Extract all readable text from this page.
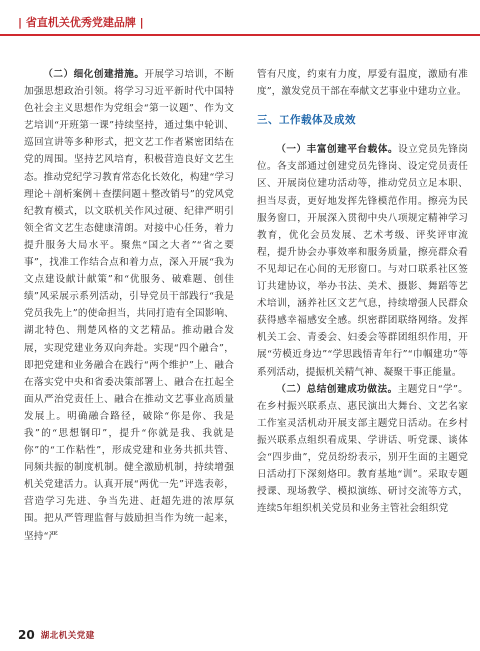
| 省直机关优秀党建品牌 |

（二）细化创建措施。开展学习培训，不断加强思想政治引领。将学习习近平新时代中国特色社会主义思想作为党组会“第一议题”、作为文艺培训“开班第一课”持续坚持，通过集中轮训、巡回宣讲等多种形式，把文艺工作者紧密团结在党的周围。坚持艺风培育，积极营造良好文艺生态。推动党纪学习教育常态化长效化，构建“学习理论＋剖析案例＋查摆问题＋整改销号”的党风党纪教育模式，以文联机关作风过硬、纪律严明引领全省文艺生态健康清朗。对接中心任务，着力提升服务大局水平。聚焦“国之大者”“省之要事”，找准工作结合点和着力点，深入开展“我为文点建设献计献策”和“优服务、破难题、创佳绩”风采展示系列活动，引导党员干部践行“我是党员我先上”的使命担当，共同打造有全国影响、湖北特色、荆楚风格的文艺精品。推动融合发展，实现党建业务双向奔赴。实现“四个融合”，即把党建和业务融合在践行“两个维护”上、融合在落实党中央和省委决策部署上、融合在扛起全面从严治党责任上、融合在推动文艺事业高质量发展上。明确融合路径，破除“你是你、我是我”的“思想钢印”，提升“你就是我、我就是你”的“工作粘性”，形成党建和业务共抓共管、同频共振的制度机制。健全激励机制，持续增强机关党建活力。认真开展“两优一先”评选表彰，营造学习先进、争当先进、赶超先进的浓厚氛围。把从严管理监督与鼓励担当作为统一起来，坚持“严

管有尺度，约束有力度，厚爱有温度，激励有准度”，激发党员干部在奉献文艺事业中建功立业。

三、工作载体及成效

（一）丰富创建平台载体。设立党员先锋岗位。各支部通过创建党员先锋岗、设定党员责任区、开展岗位建功活动等，推动党员立足本职、担当尽责，更好地发挥先锋模范作用。擦亮为民服务窗口，开展深入贯彻中央八项规定精神学习教育，优化会员发展、艺术考级、评奖评审流程，提升协会办事效率和服务质量，擦亮群众看不见却记在心间的无形窗口。与对口联系社区签订共建协议，举办书法、美术、摄影、舞蹈等艺术培训，涵养社区文艺气息，持续增强人民群众获得感幸福感安全感。织密群团联络网络。发挥机关工会、青委会、妇委会等群团组织作用，开展“劳模近身边”“学思践悟青年行”“巾帼建功”等系列活动，提振机关精气神、凝聚干事正能量。

（二）总结创建成功做法。主题党日“学”。在乡村振兴联系点、惠民演出大舞台、文艺名家工作室灵活机动开展支部主题党日活动。在乡村振兴联系点组织看成果、学讲话、听党课、谈体会“四步曲”，党员纷纷表示，别开生面的主题党日活动打下深刻烙印。教育基地“训”。采取专题授课、现场教学、模拟演练、研讨交流等方式，连续5年组织机关党员和业务主管社会组织党

20 湖北机关党建
